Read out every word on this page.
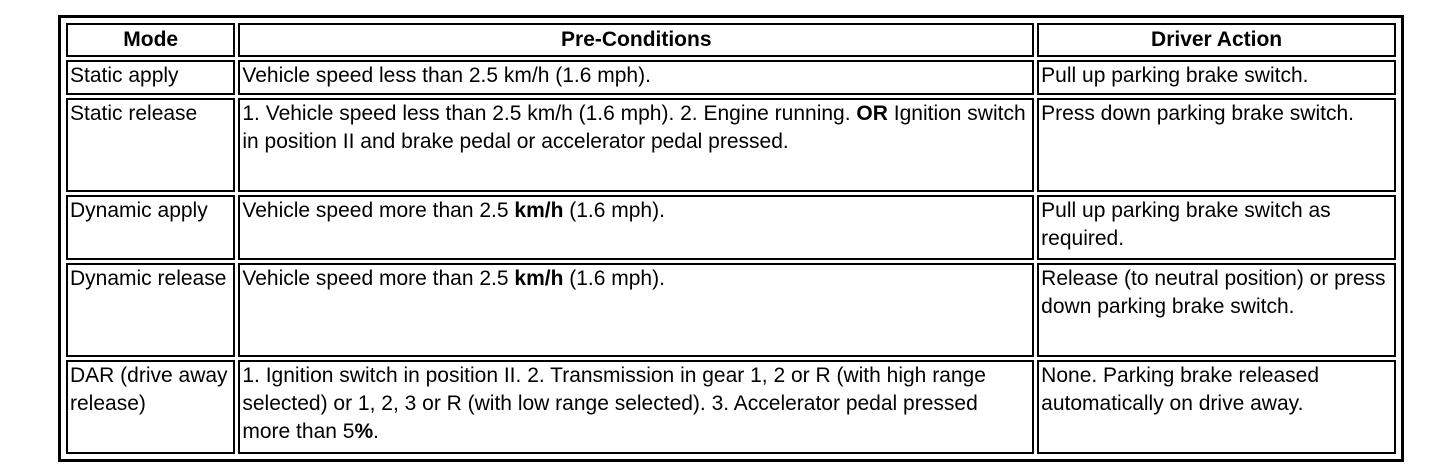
Mode	Pre-Conditions	Driver Action
Static apply	Vehicle speed less than 2.5 km/h (1.6 mph).	Pull up parking brake switch.
Static release	1. Vehicle speed less than 2.5 km/h (1.6 mph). 2. Engine running. OR Ignition switch in position II and brake pedal or accelerator pedal pressed.	Press down parking brake switch.
Dynamic apply	Vehicle speed more than 2.5 km/h (1.6 mph).	Pull up parking brake switch as required.
Dynamic release	Vehicle speed more than 2.5 km/h (1.6 mph).	Release (to neutral position) or press down parking brake switch.
DAR (drive away release)	1. Ignition switch in position II. 2. Transmission in gear 1, 2 or R (with high range selected) or 1, 2, 3 or R (with low range selected). 3. Accelerator pedal pressed more than 5%.	None. Parking brake released automatically on drive away.
